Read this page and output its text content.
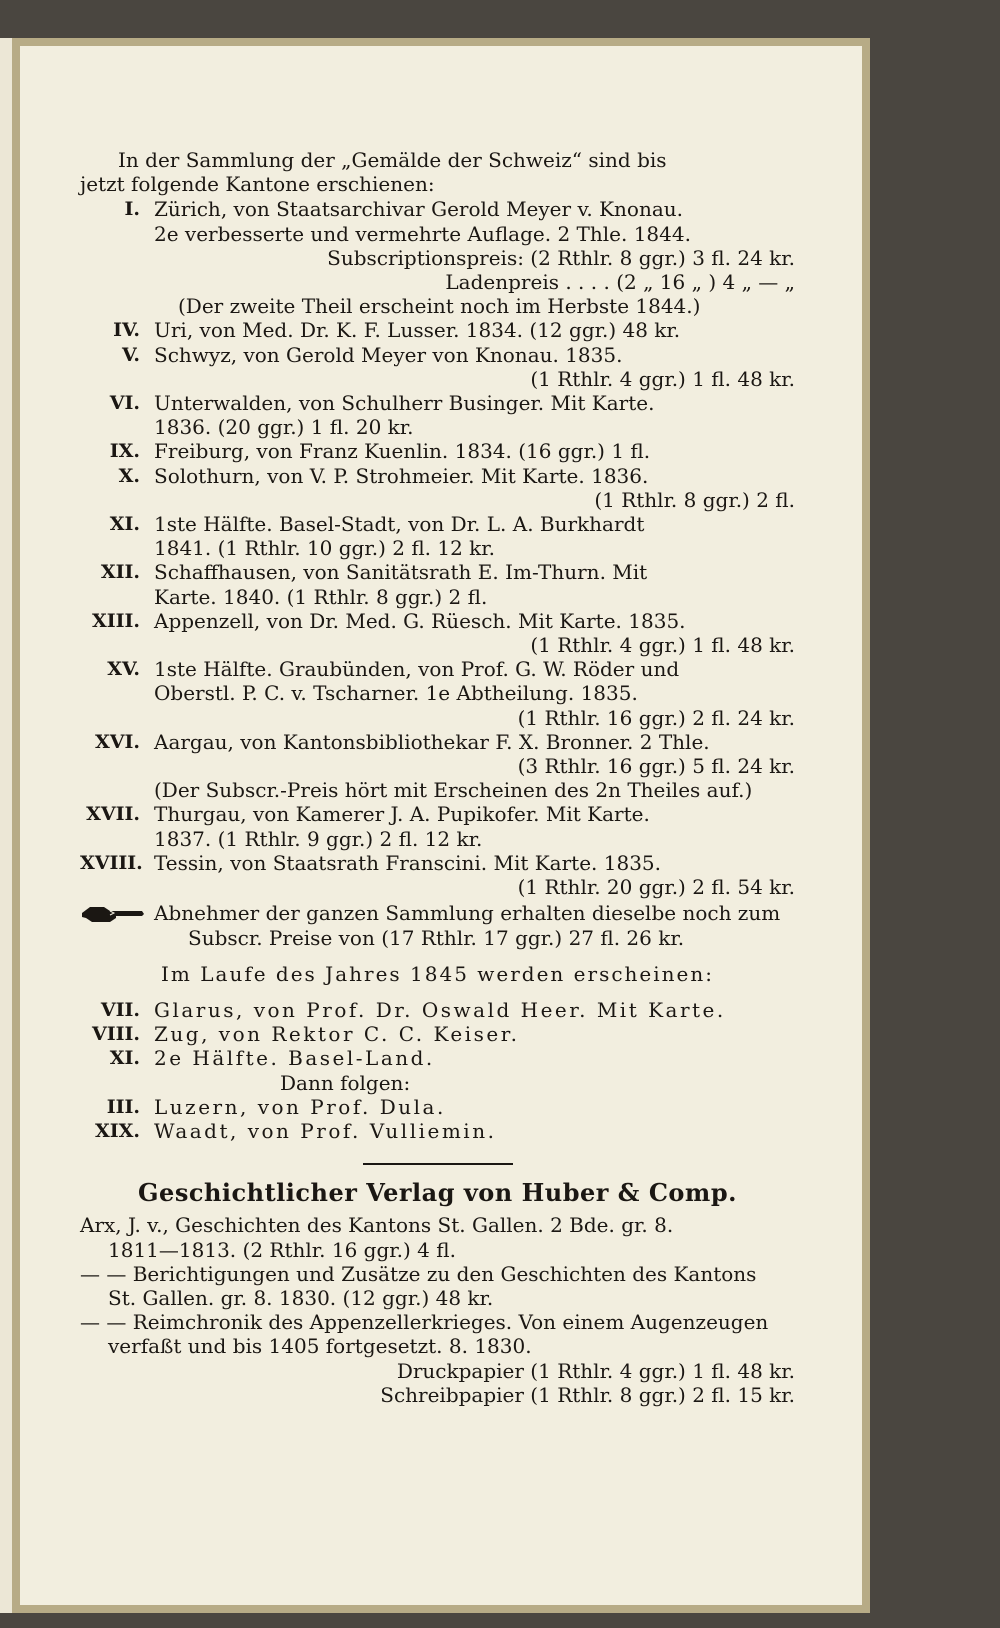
In der Sammlung der „Gemälde der Schweiz“ sind bis
jetzt folgende Kantone erschienen:
I. Zürich, von Staatsarchivar Gerold Meyer v. Knonau.
2e verbesserte und vermehrte Auflage. 2 Thle. 1844.
Subscriptionspreis: (2 Rthlr. 8 ggr.) 3 fl. 24 kr.
Ladenpreis . . . . (2 „ 16 „ ) 4 „ — „
(Der zweite Theil erscheint noch im Herbste 1844.)
IV. Uri, von Med. Dr. K. F. Lusser. 1834. (12 ggr.) 48 kr.
V. Schwyz, von Gerold Meyer von Knonau. 1835.
(1 Rthlr. 4 ggr.) 1 fl. 48 kr.
VI. Unterwalden, von Schulherr Businger. Mit Karte.
1836. (20 ggr.) 1 fl. 20 kr.
IX. Freiburg, von Franz Kuenlin. 1834. (16 ggr.) 1 fl.
X. Solothurn, von V. P. Strohmeier. Mit Karte. 1836.
(1 Rthlr. 8 ggr.) 2 fl.
XI. 1ste Hälfte. Basel-Stadt, von Dr. L. A. Burkhardt
1841. (1 Rthlr. 10 ggr.) 2 fl. 12 kr.
XII. Schaffhausen, von Sanitätsrath E. Im-Thurn. Mit
Karte. 1840. (1 Rthlr. 8 ggr.) 2 fl.
XIII. Appenzell, von Dr. Med. G. Rüesch. Mit Karte. 1835.
(1 Rthlr. 4 ggr.) 1 fl. 48 kr.
XV. 1ste Hälfte. Graubünden, von Prof. G. W. Röder und
Oberstl. P. C. v. Tscharner. 1e Abtheilung. 1835.
(1 Rthlr. 16 ggr.) 2 fl. 24 kr.
XVI. Aargau, von Kantonsbibliothekar F. X. Bronner. 2 Thle.
(3 Rthlr. 16 ggr.) 5 fl. 24 kr.
(Der Subscr.-Preis hört mit Erscheinen des 2n Theiles auf.)
XVII. Thurgau, von Kamerer J. A. Pupikofer. Mit Karte.
1837. (1 Rthlr. 9 ggr.) 2 fl. 12 kr.
XVIII. Tessin, von Staatsrath Franscini. Mit Karte. 1835.
(1 Rthlr. 20 ggr.) 2 fl. 54 kr.
Abnehmer der ganzen Sammlung erhalten dieselbe noch zum
Subscr. Preise von (17 Rthlr. 17 ggr.) 27 fl. 26 kr.
Im Laufe des Jahres 1845 werden erscheinen:
VII. Glarus, von Prof. Dr. Oswald Heer. Mit Karte.
VIII. Zug, von Rektor C. C. Keiser.
XI. 2e Hälfte. Basel-Land.
Dann folgen:
III. Luzern, von Prof. Dula.
XIX. Waadt, von Prof. Vulliemin.
Geschichtlicher Verlag von Huber & Comp.
Arx, J. v., Geschichten des Kantons St. Gallen. 2 Bde. gr. 8.
1811—1813. (2 Rthlr. 16 ggr.) 4 fl.
— — Berichtigungen und Zusätze zu den Geschichten des Kantons
St. Gallen. gr. 8. 1830. (12 ggr.) 48 kr.
— — Reimchronik des Appenzellerkrieges. Von einem Augenzeugen
verfaßt und bis 1405 fortgesetzt. 8. 1830.
Druckpapier (1 Rthlr. 4 ggr.) 1 fl. 48 kr.
Schreibpapier (1 Rthlr. 8 ggr.) 2 fl. 15 kr.
